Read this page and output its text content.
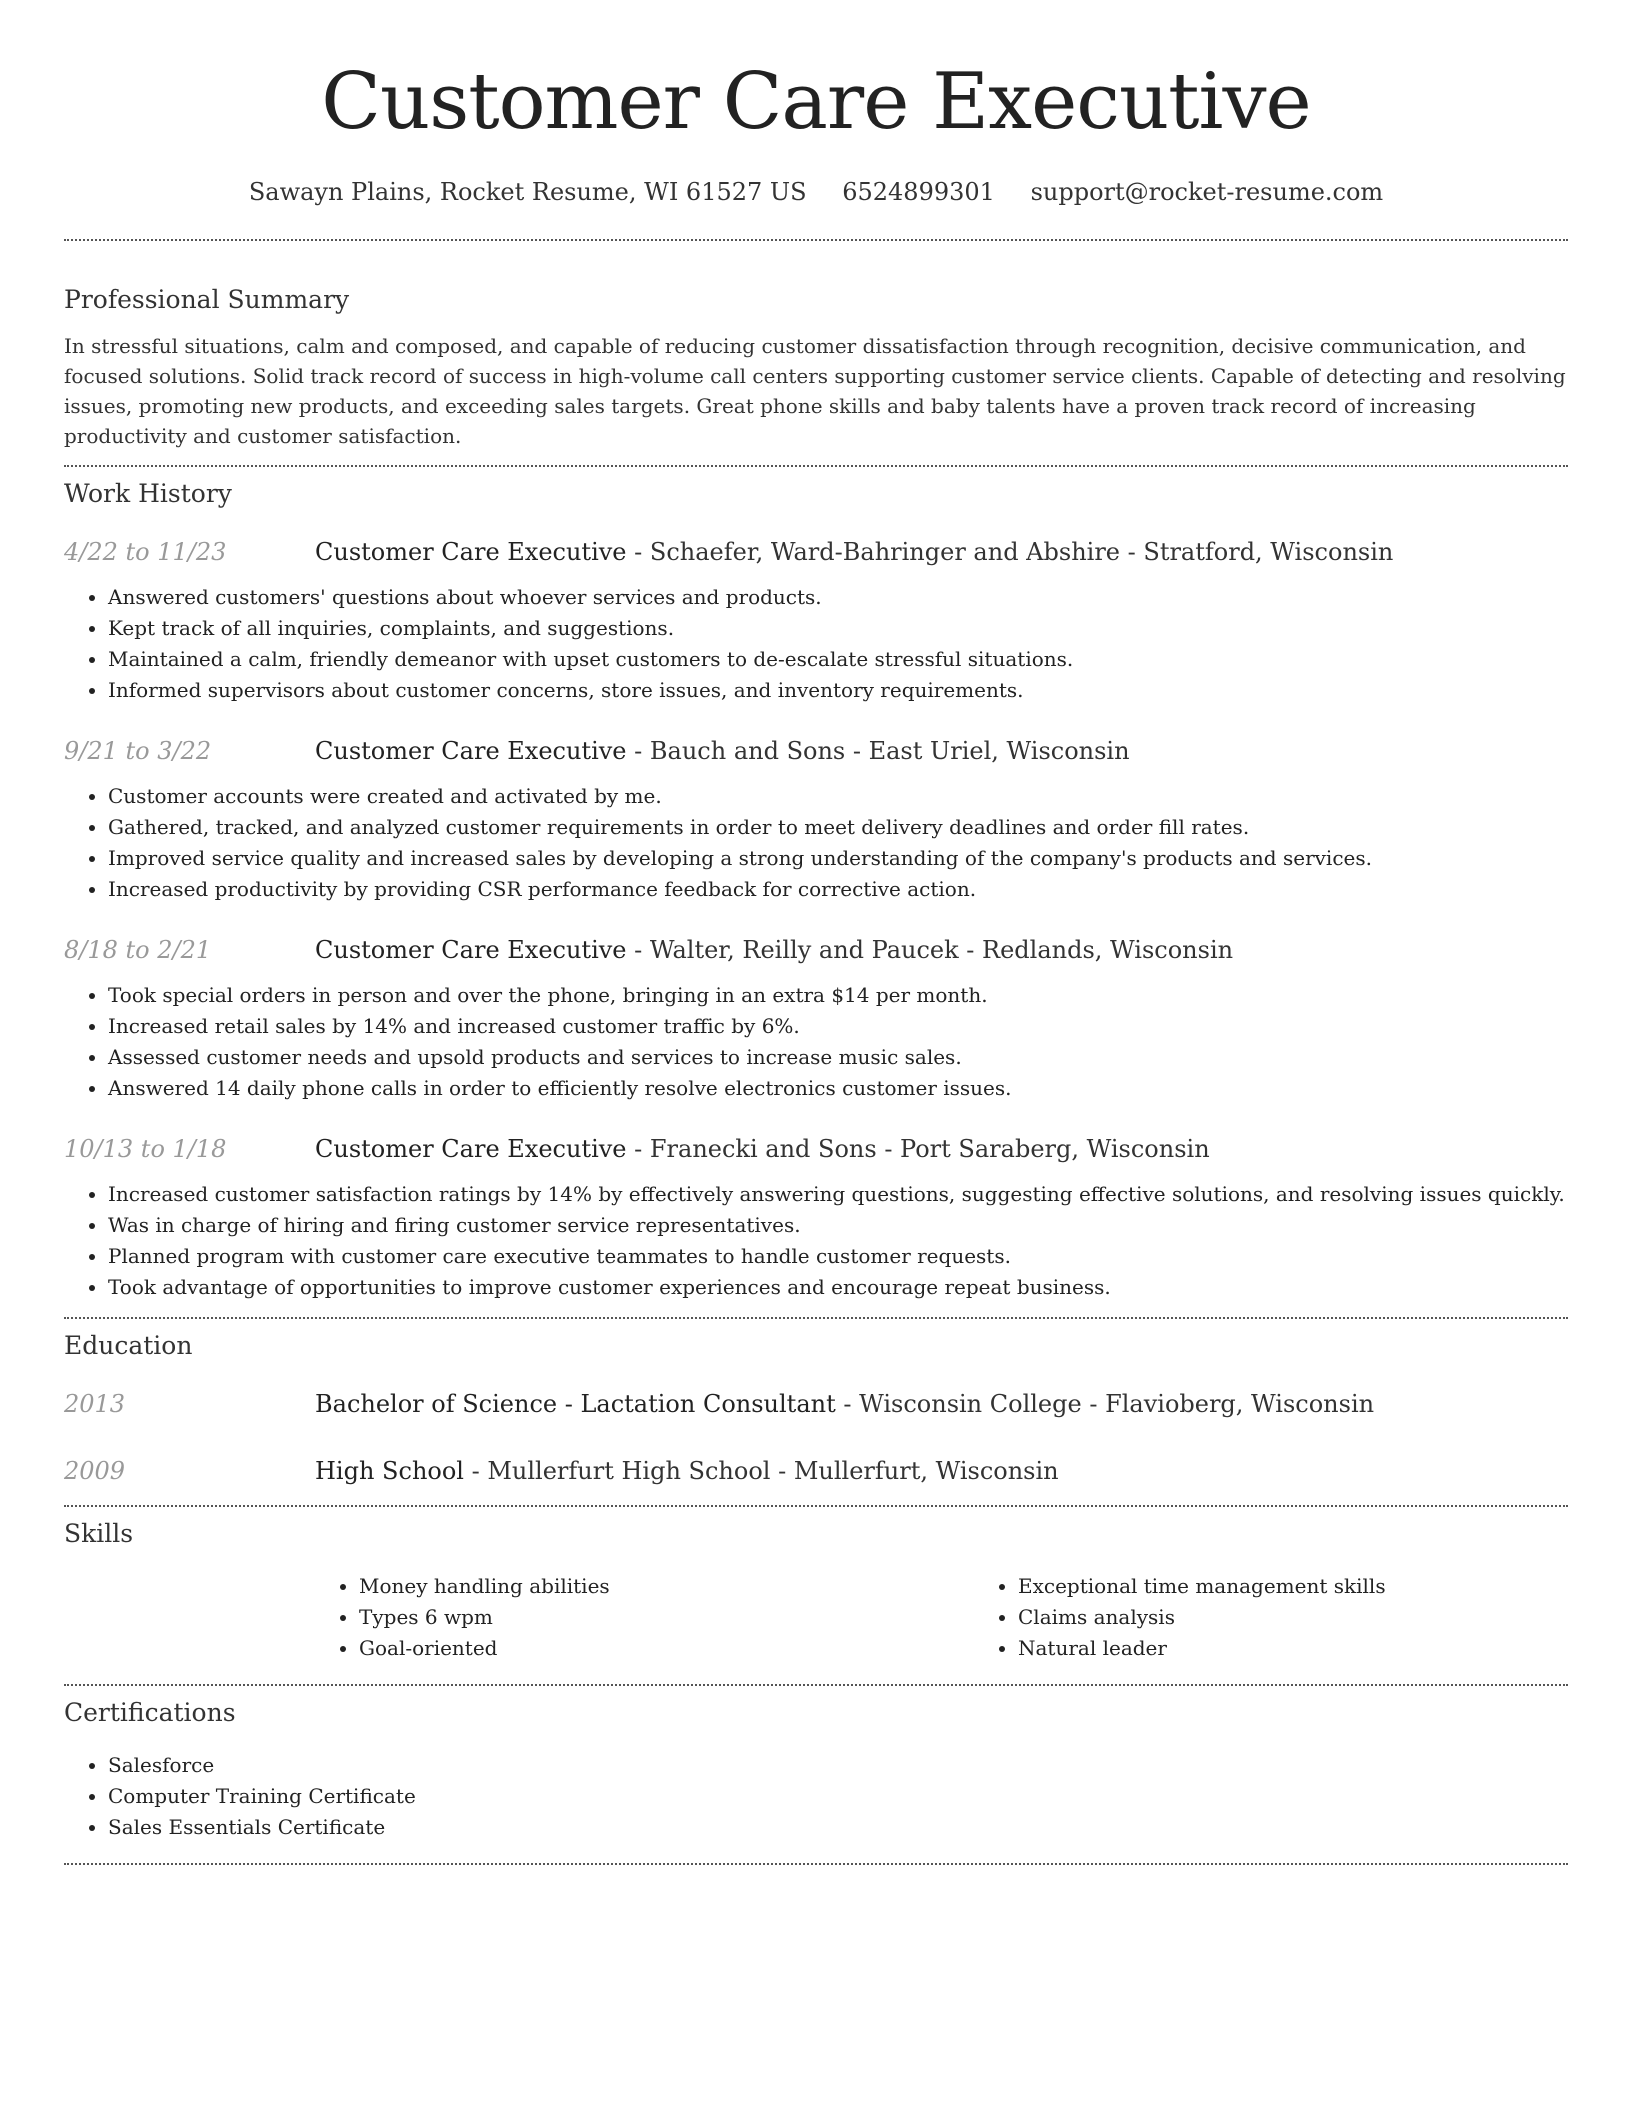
Customer Care Executive
Sawayn Plains, Rocket Resume, WI 61527 US 6524899301 support@rocket-resume.com
Professional Summary

In stressful situations, calm and composed, and capable of reducing customer dissatisfaction through recognition, decisive communication, and focused solutions. Solid track record of success in high-volume call centers supporting customer service clients. Capable of detecting and resolving issues, promoting new products, and exceeding sales targets. Great phone skills and baby talents have a proven track record of increasing productivity and customer satisfaction.

Work History
4/22 to 11/23	Customer Care Executive - Schaefer, Ward-Bahringer and Abshire - Stratford, Wisconsin
• Answered customers' questions about whoever services and products.
• Kept track of all inquiries, complaints, and suggestions.
• Maintained a calm, friendly demeanor with upset customers to de-escalate stressful situations.
• Informed supervisors about customer concerns, store issues, and inventory requirements.
9/21 to 3/22	Customer Care Executive - Bauch and Sons - East Uriel, Wisconsin
• Customer accounts were created and activated by me.
• Gathered, tracked, and analyzed customer requirements in order to meet delivery deadlines and order fill rates.
• Improved service quality and increased sales by developing a strong understanding of the company's products and services.
• Increased productivity by providing CSR performance feedback for corrective action.
8/18 to 2/21	Customer Care Executive - Walter, Reilly and Paucek - Redlands, Wisconsin
• Took special orders in person and over the phone, bringing in an extra $14 per month.
• Increased retail sales by 14% and increased customer traffic by 6%.
• Assessed customer needs and upsold products and services to increase music sales.
• Answered 14 daily phone calls in order to efficiently resolve electronics customer issues.
10/13 to 1/18	Customer Care Executive - Franecki and Sons - Port Saraberg, Wisconsin
• Increased customer satisfaction ratings by 14% by effectively answering questions, suggesting effective solutions, and resolving issues quickly.
• Was in charge of hiring and firing customer service representatives.
• Planned program with customer care executive teammates to handle customer requests.
• Took advantage of opportunities to improve customer experiences and encourage repeat business.
Education
2013	Bachelor of Science - Lactation Consultant - Wisconsin College - Flavioberg, Wisconsin
2009	High School - Mullerfurt High School - Mullerfurt, Wisconsin
Skills
• Money handling abilities
• Types 6 wpm
• Goal-oriented
• Exceptional time management skills
• Claims analysis
• Natural leader
Certifications
• Salesforce
• Computer Training Certificate
• Sales Essentials Certificate
